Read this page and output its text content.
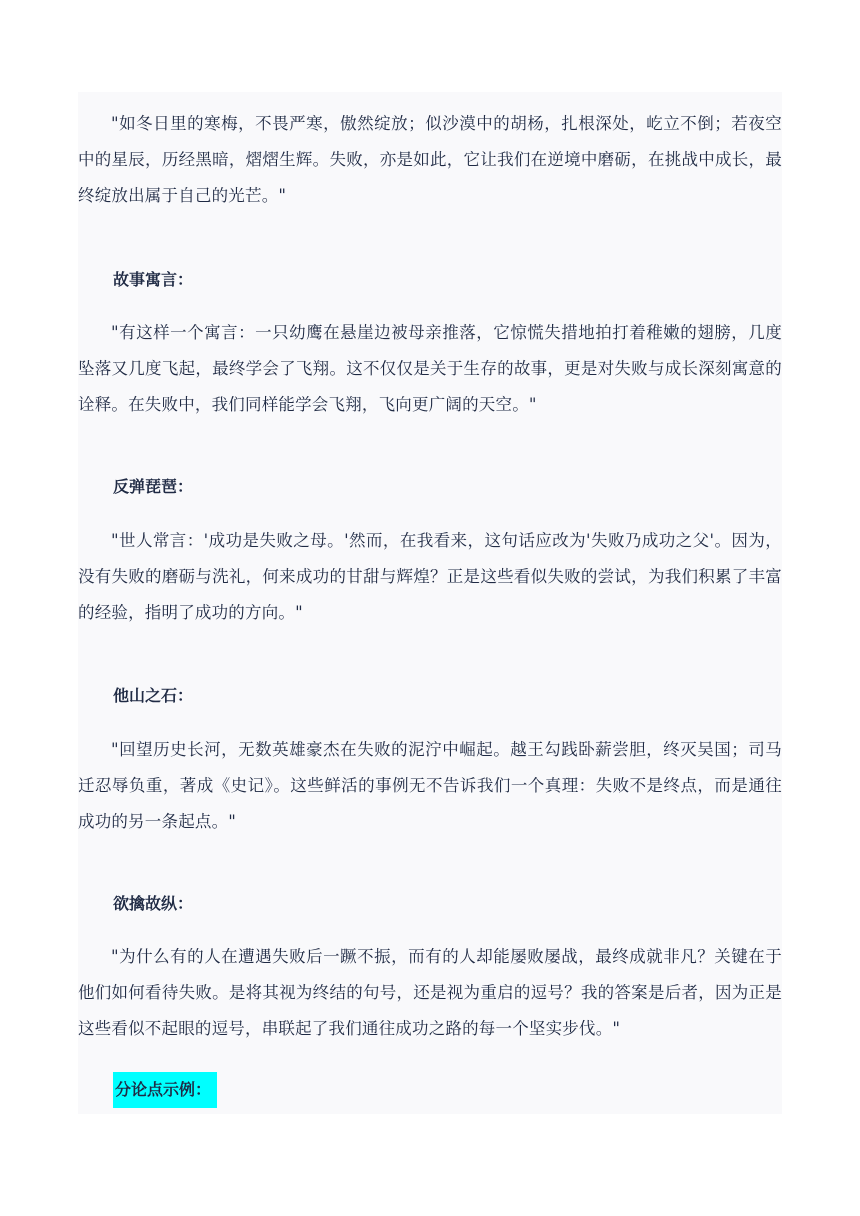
"如冬日里的寒梅，不畏严寒，傲然绽放；似沙漠中的胡杨，扎根深处，屹立不倒；若夜空中的星辰，历经黑暗，熠熠生辉。失败，亦是如此，它让我们在逆境中磨砺，在挑战中成长，最终绽放出属于自己的光芒。"

故事寓言：

"有这样一个寓言：一只幼鹰在悬崖边被母亲推落，它惊慌失措地拍打着稚嫩的翅膀，几度坠落又几度飞起，最终学会了飞翔。这不仅仅是关于生存的故事，更是对失败与成长深刻寓意的诠释。在失败中，我们同样能学会飞翔，飞向更广阔的天空。"

反弹琵琶：

"世人常言：'成功是失败之母。'然而，在我看来，这句话应改为'失败乃成功之父'。因为，没有失败的磨砺与洗礼，何来成功的甘甜与辉煌？正是这些看似失败的尝试，为我们积累了丰富的经验，指明了成功的方向。"

他山之石：

"回望历史长河，无数英雄豪杰在失败的泥泞中崛起。越王勾践卧薪尝胆，终灭吴国；司马迁忍辱负重，著成《史记》。这些鲜活的事例无不告诉我们一个真理：失败不是终点，而是通往成功的另一条起点。"

欲擒故纵：

"为什么有的人在遭遇失败后一蹶不振，而有的人却能屡败屡战，最终成就非凡？关键在于他们如何看待失败。是将其视为终结的句号，还是视为重启的逗号？我的答案是后者，因为正是这些看似不起眼的逗号，串联起了我们通往成功之路的每一个坚实步伐。"

分论点示例：
